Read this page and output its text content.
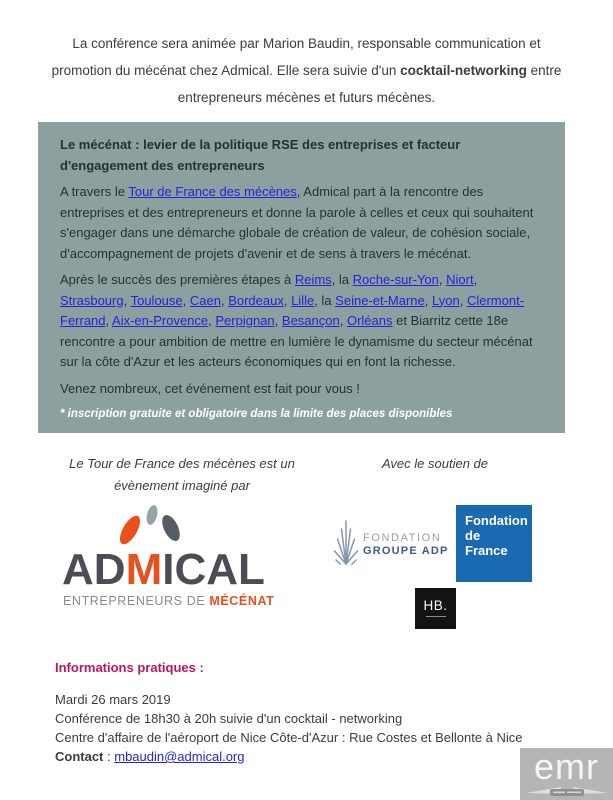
La conférence sera animée par Marion Baudin, responsable communication et promotion du mécénat chez Admical. Elle sera suivie d'un cocktail-networking entre entrepreneurs mécènes et futurs mécènes.
Le mécénat : levier de la politique RSE des entreprises et facteur d'engagement des entrepreneurs

A travers le Tour de France des mécènes, Admical part à la rencontre des entreprises et des entrepreneurs et donne la parole à celles et ceux qui souhaitent s'engager dans une démarche globale de création de valeur, de cohésion sociale, d'accompagnement de projets d'avenir et de sens à travers le mécénat.

Après le succès des premières étapes à Reims, la Roche-sur-Yon, Niort, Strasbourg, Toulouse, Caen, Bordeaux, Lille, la Seine-et-Marne, Lyon, Clermont-Ferrand, Aix-en-Provence, Perpignan, Besançon, Orléans et Biarritz cette 18e rencontre a pour ambition de mettre en lumière le dynamisme du secteur mécénat sur la côte d'Azur et les acteurs économiques qui en font la richesse.

Venez nombreux, cet événement est fait pour vous !

* inscription gratuite et obligatoire dans la limite des places disponibles
Le Tour de France des mécènes est un évènement imaginé par
Avec le soutien de
ADMICAL
ENTREPRENEURS DE MÉCÉNAT
FONDATION
GROUPE ADP
Fondation
de
France
HB.
Informations pratiques :
Mardi 26 mars 2019
Conférence de 18h30 à 20h suivie d'un cocktail - networking
Centre d'affaire de l'aéroport de Nice Côte-d'Azur : Rue Costes et Bellonte à Nice
Contact : mbaudin@admical.org	emr
